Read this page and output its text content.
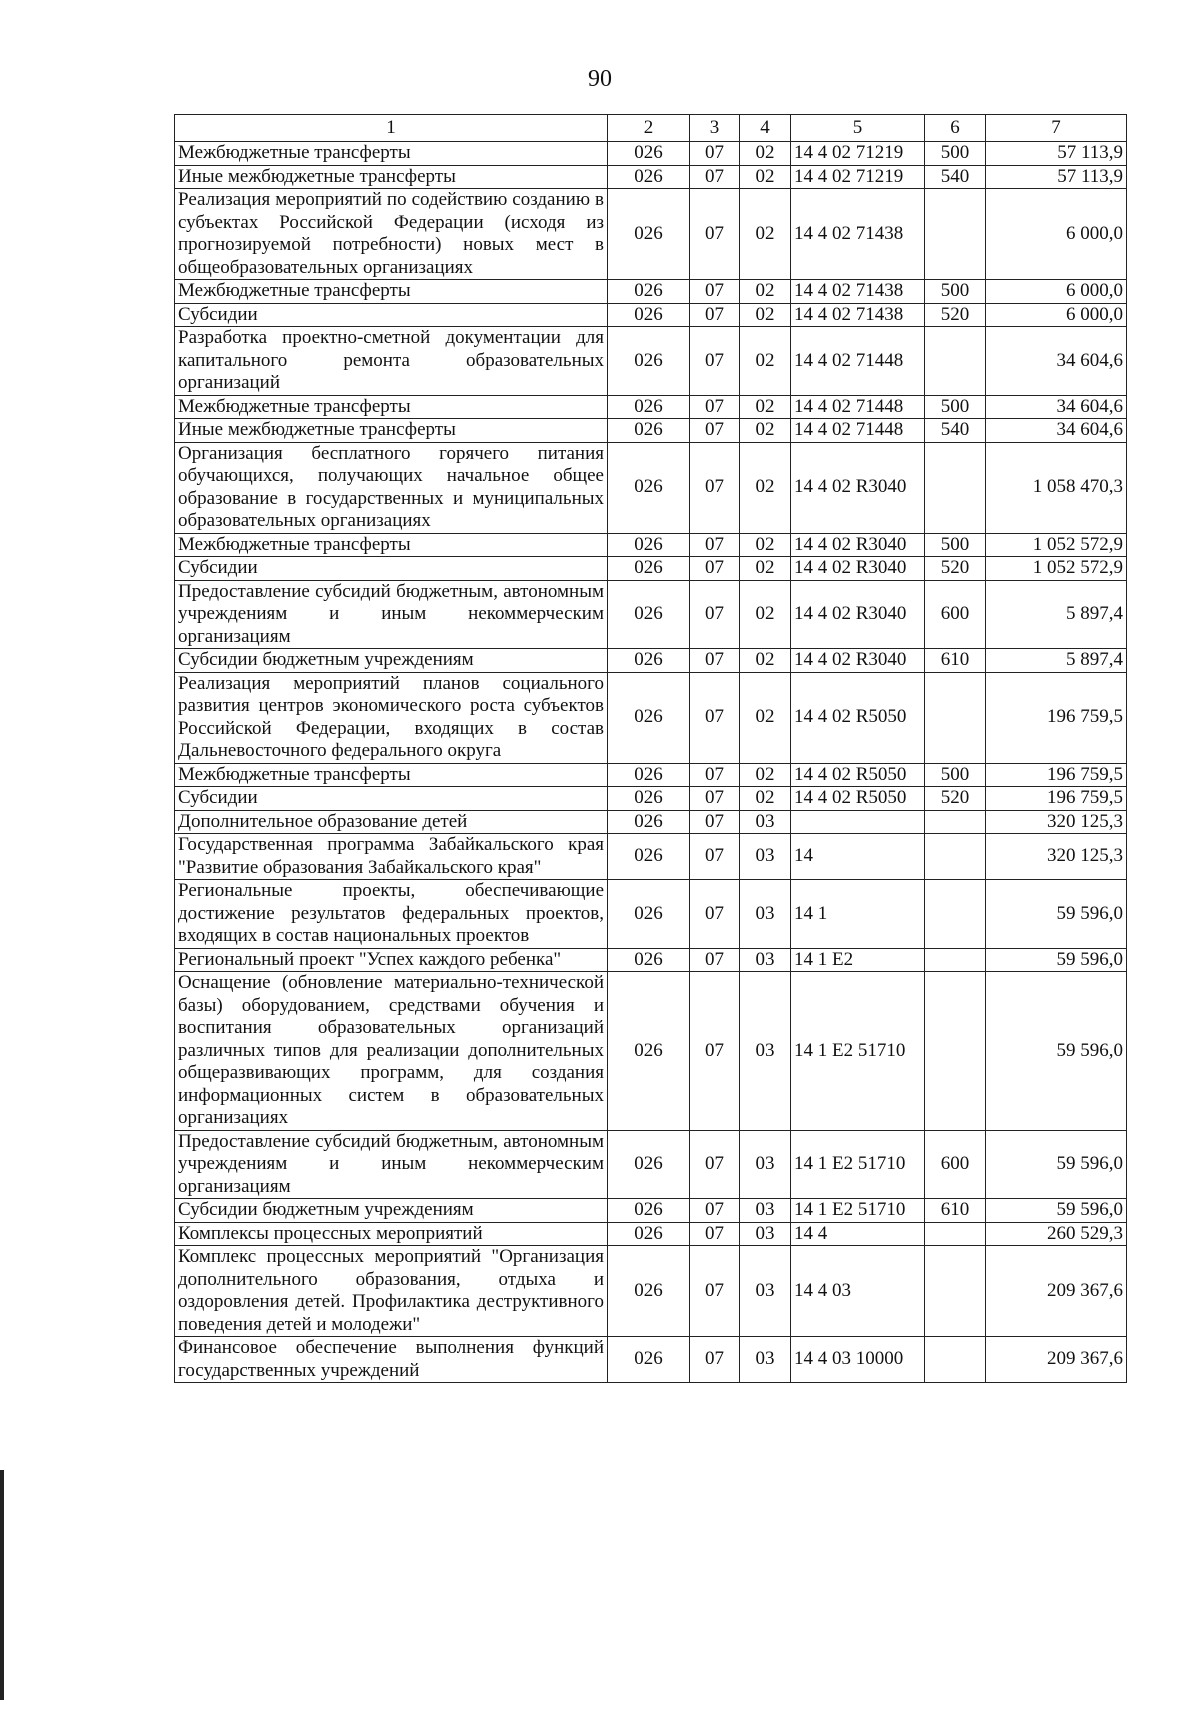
90
1	2	3	4	5	6	7
Межбюджетные трансферты	026	07	02	14 4 02 71219	500	57 113,9
Иные межбюджетные трансферты	026	07	02	14 4 02 71219	540	57 113,9
Реализация мероприятий по содействию созданию в субъектах Российской Федерации (исходя из прогнозируемой потребности) новых мест в общеобразовательных организациях	026	07	02	14 4 02 71438		6 000,0
Межбюджетные трансферты	026	07	02	14 4 02 71438	500	6 000,0
Субсидии	026	07	02	14 4 02 71438	520	6 000,0
Разработка проектно-сметной документации для капитального ремонта образовательных организаций	026	07	02	14 4 02 71448		34 604,6
Межбюджетные трансферты	026	07	02	14 4 02 71448	500	34 604,6
Иные межбюджетные трансферты	026	07	02	14 4 02 71448	540	34 604,6
Организация бесплатного горячего питания обучающихся, получающих начальное общее образование в государственных и муниципальных образовательных организациях	026	07	02	14 4 02 R3040		1 058 470,3
Межбюджетные трансферты	026	07	02	14 4 02 R3040	500	1 052 572,9
Субсидии	026	07	02	14 4 02 R3040	520	1 052 572,9
Предоставление субсидий бюджетным, автономным учреждениям и иным некоммерческим организациям	026	07	02	14 4 02 R3040	600	5 897,4
Субсидии бюджетным учреждениям	026	07	02	14 4 02 R3040	610	5 897,4
Реализация мероприятий планов социального развития центров экономического роста субъектов Российской Федерации, входящих в состав Дальневосточного федерального округа	026	07	02	14 4 02 R5050		196 759,5
Межбюджетные трансферты	026	07	02	14 4 02 R5050	500	196 759,5
Субсидии	026	07	02	14 4 02 R5050	520	196 759,5
Дополнительное образование детей	026	07	03			320 125,3
Государственная программа Забайкальского края "Развитие образования Забайкальского края"	026	07	03	14		320 125,3
Региональные проекты, обеспечивающие достижение результатов федеральных проектов, входящих в состав национальных проектов	026	07	03	14 1		59 596,0
Региональный проект "Успех каждого ребенка"	026	07	03	14 1 E2		59 596,0
Оснащение (обновление материально-технической базы) оборудованием, средствами обучения и воспитания образовательных организаций различных типов для реализации дополнительных общеразвивающих программ, для создания информационных систем в образовательных организациях	026	07	03	14 1 E2 51710		59 596,0
Предоставление субсидий бюджетным, автономным учреждениям и иным некоммерческим организациям	026	07	03	14 1 E2 51710	600	59 596,0
Субсидии бюджетным учреждениям	026	07	03	14 1 E2 51710	610	59 596,0
Комплексы процессных мероприятий	026	07	03	14 4		260 529,3
Комплекс процессных мероприятий "Организация дополнительного образования, отдыха и оздоровления детей. Профилактика деструктивного поведения детей и молодежи"	026	07	03	14 4 03		209 367,6
Финансовое обеспечение выполнения функций государственных учреждений	026	07	03	14 4 03 10000		209 367,6
